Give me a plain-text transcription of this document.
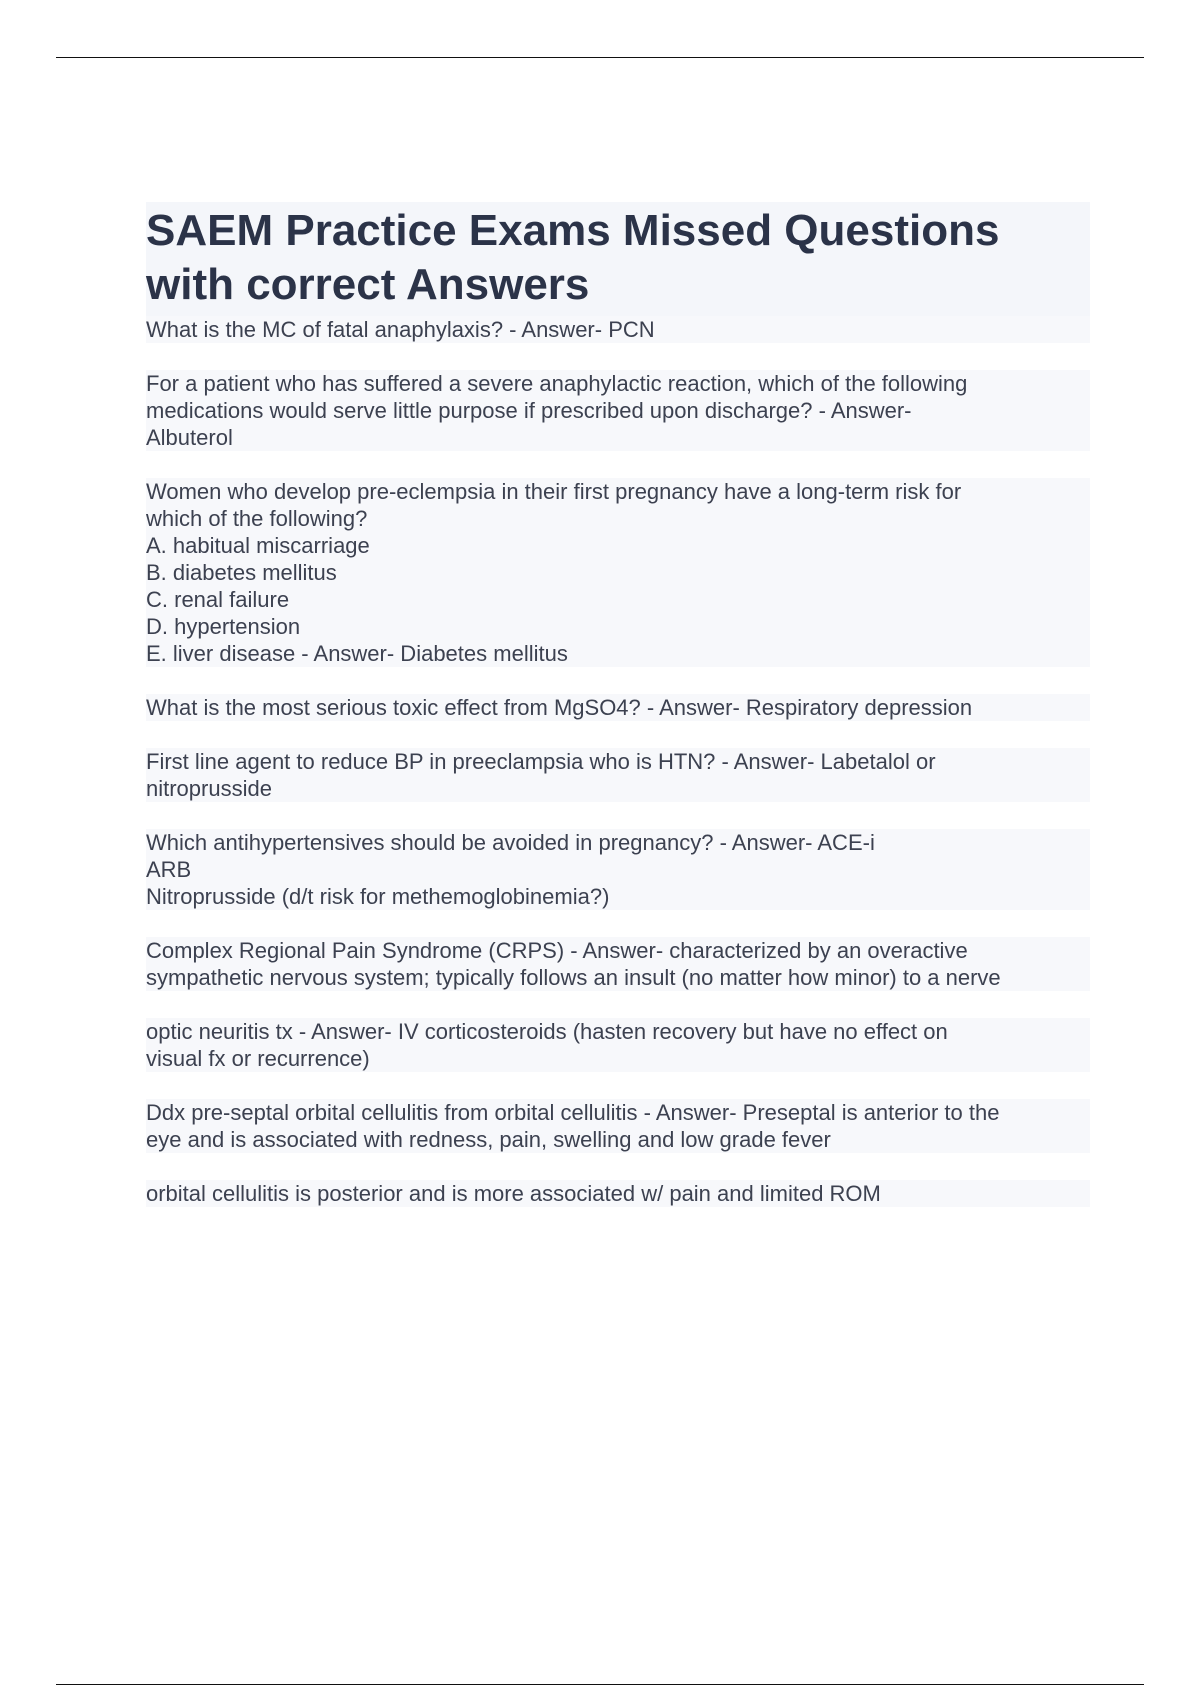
SAEM Practice Exams Missed Questions
with correct Answers
What is the MC of fatal anaphylaxis? - Answer- PCN
For a patient who has suffered a severe anaphylactic reaction, which of the following
medications would serve little purpose if prescribed upon discharge? - Answer-
Albuterol
Women who develop pre-eclempsia in their first pregnancy have a long-term risk for
which of the following?
A. habitual miscarriage
B. diabetes mellitus
C. renal failure
D. hypertension
E. liver disease - Answer- Diabetes mellitus
What is the most serious toxic effect from MgSO4? - Answer- Respiratory depression
First line agent to reduce BP in preeclampsia who is HTN? - Answer- Labetalol or
nitroprusside
Which antihypertensives should be avoided in pregnancy? - Answer- ACE-i
ARB
Nitroprusside (d/t risk for methemoglobinemia?)
Complex Regional Pain Syndrome (CRPS) - Answer- characterized by an overactive
sympathetic nervous system; typically follows an insult (no matter how minor) to a nerve
optic neuritis tx - Answer- IV corticosteroids (hasten recovery but have no effect on
visual fx or recurrence)
Ddx pre-septal orbital cellulitis from orbital cellulitis - Answer- Preseptal is anterior to the
eye and is associated with redness, pain, swelling and low grade fever
orbital cellulitis is posterior and is more associated w/ pain and limited ROM
